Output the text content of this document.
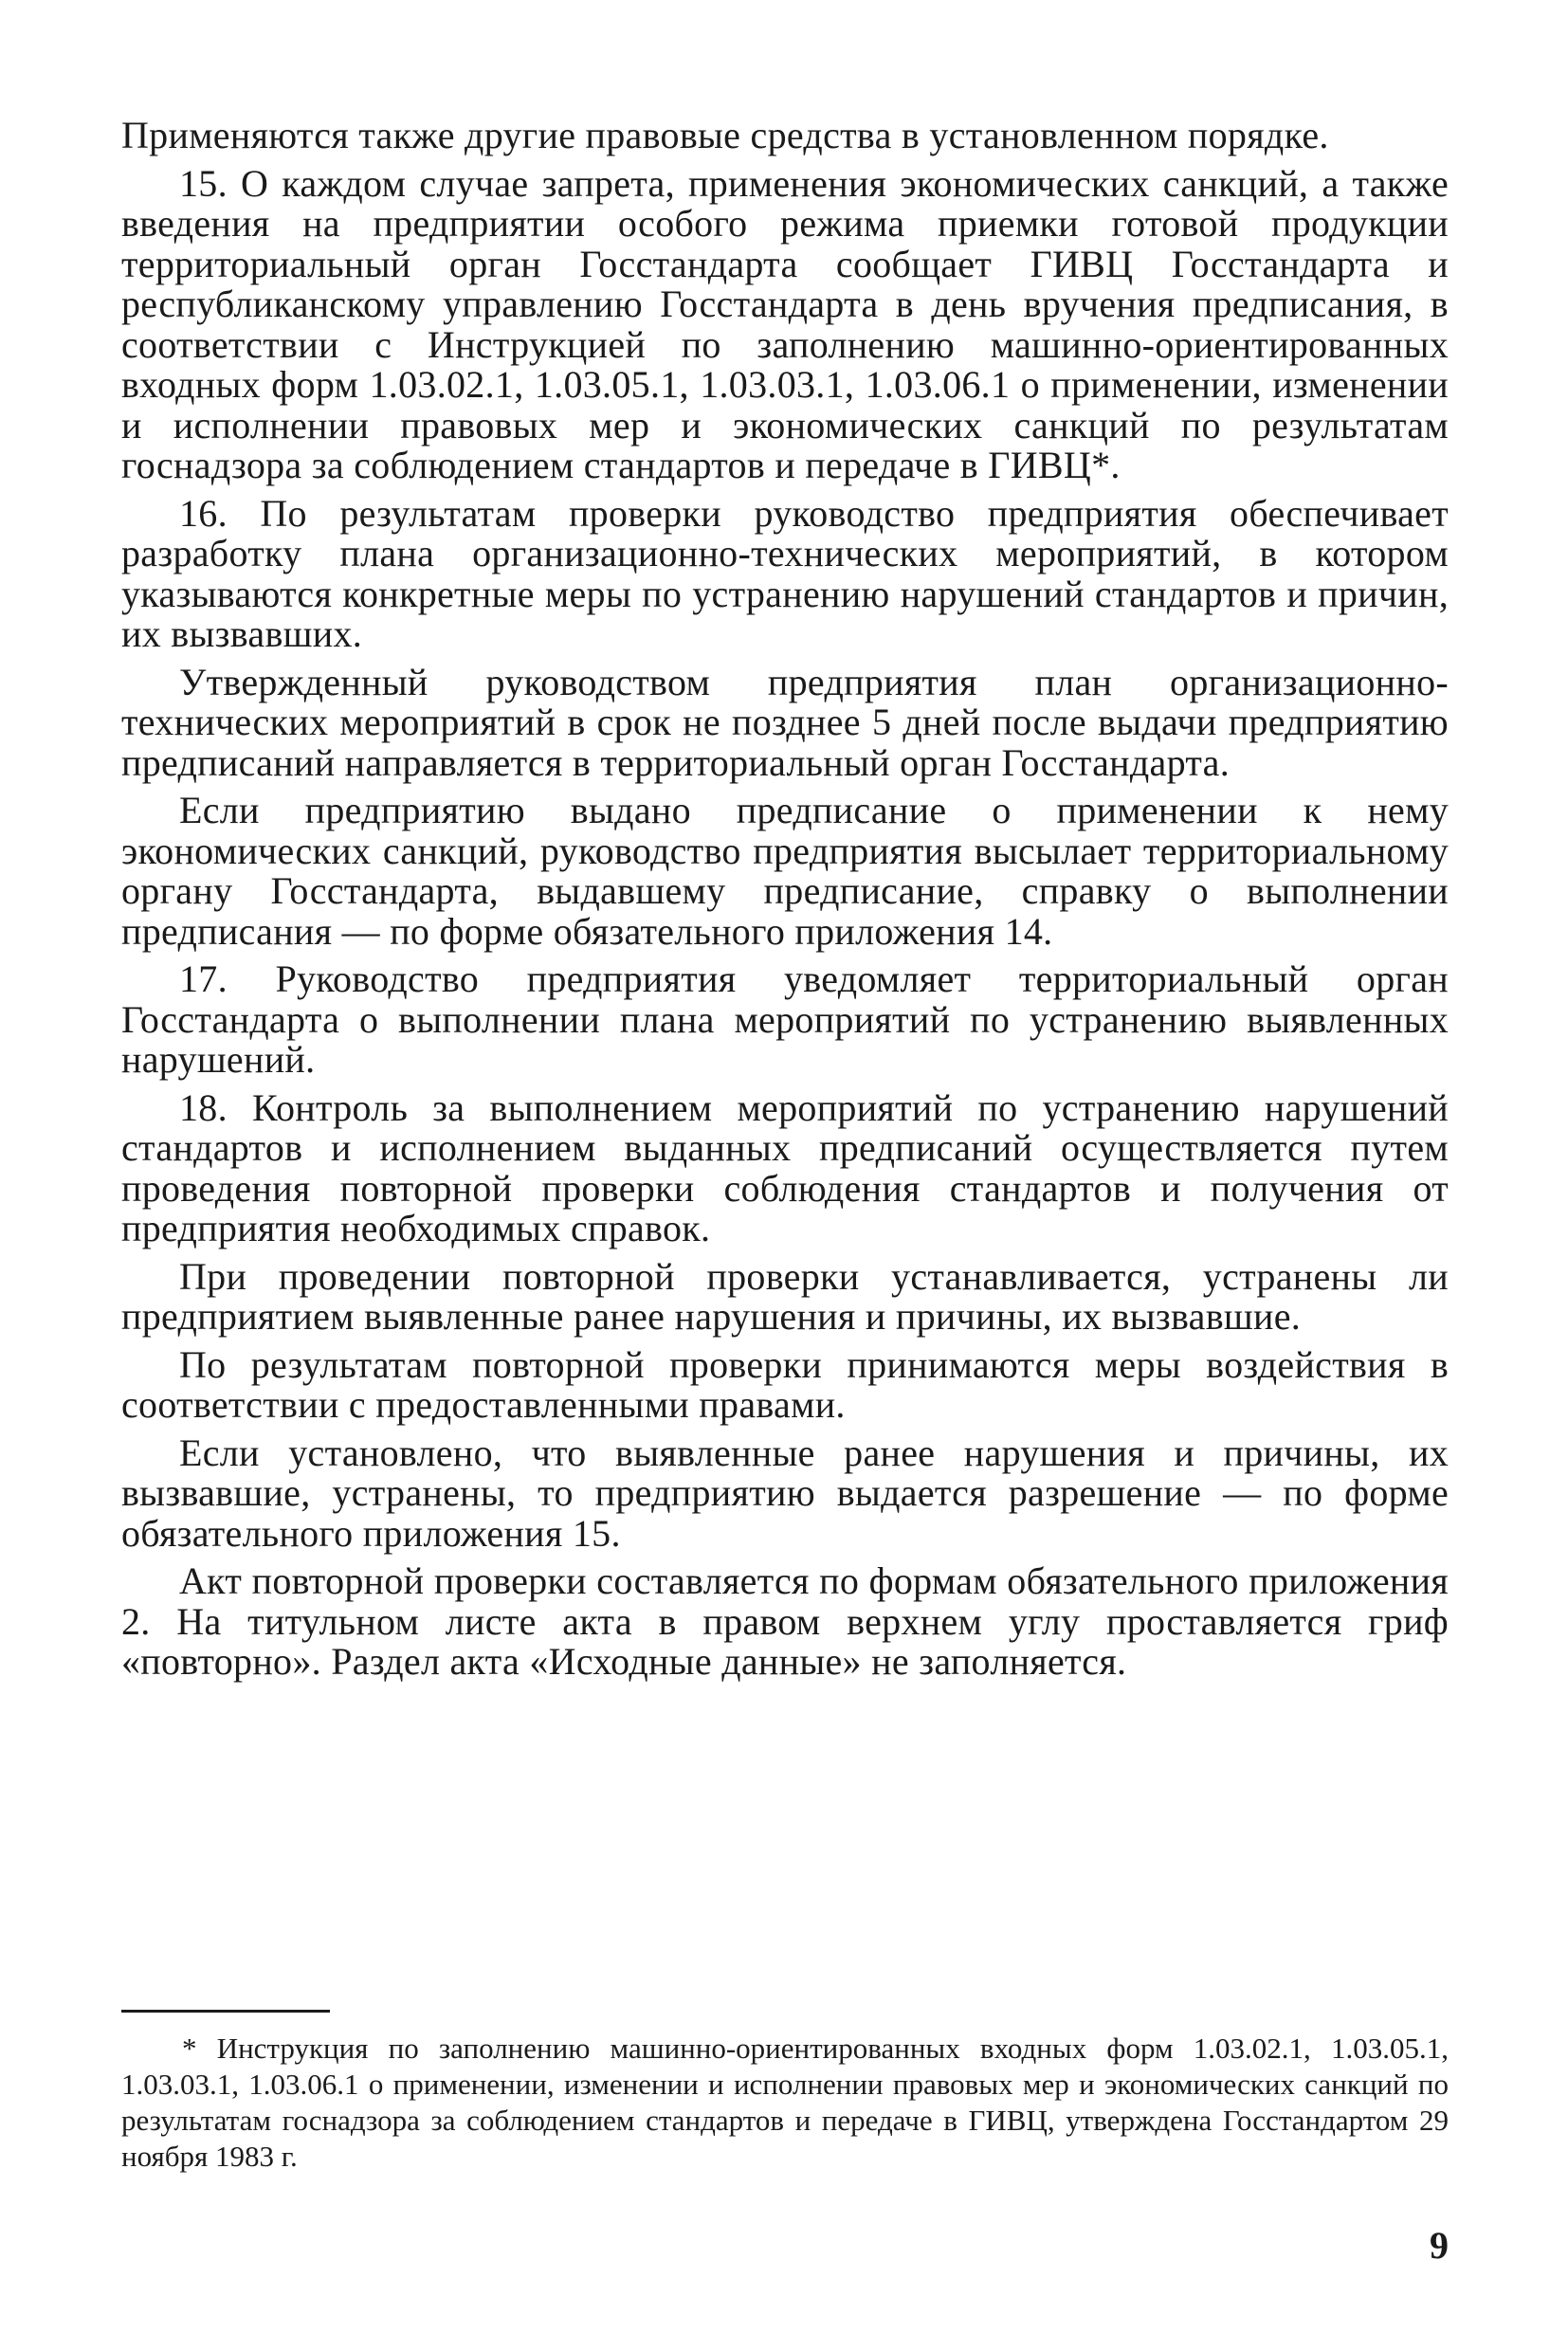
Применяются также другие правовые средства в установленном порядке.

15. О каждом случае запрета, применения экономических санкций, а также введения на предприятии особого режима приемки готовой продукции территориальный орган Госстандарта сообщает ГИВЦ Госстандарта и республиканскому управлению Госстандарта в день вручения предписания, в соответствии с Инструкцией по заполнению машинно-ориентированных входных форм 1.03.02.1, 1.03.05.1, 1.03.03.1, 1.03.06.1 о применении, изменении и исполнении правовых мер и экономических санкций по результатам госнадзора за соблюдением стандартов и передаче в ГИВЦ*.

16. По результатам проверки руководство предприятия обеспечивает разработку плана организационно-технических мероприятий, в котором указываются конкретные меры по устранению нарушений стандартов и причин, их вызвавших.

Утвержденный руководством предприятия план организационно-технических мероприятий в срок не позднее 5 дней после выдачи предприятию предписаний направляется в территориальный орган Госстандарта.

Если предприятию выдано предписание о применении к нему экономических санкций, руководство предприятия высылает территориальному органу Госстандарта, выдавшему предписание, справку о выполнении предписания — по форме обязательного приложения 14.

17. Руководство предприятия уведомляет территориальный орган Госстандарта о выполнении плана мероприятий по устранению выявленных нарушений.

18. Контроль за выполнением мероприятий по устранению нарушений стандартов и исполнением выданных предписаний осуществляется путем проведения повторной проверки соблюдения стандартов и получения от предприятия необходимых справок.

При проведении повторной проверки устанавливается, устранены ли предприятием выявленные ранее нарушения и причины, их вызвавшие.

По результатам повторной проверки принимаются меры воздействия в соответствии с предоставленными правами.

Если установлено, что выявленные ранее нарушения и причины, их вызвавшие, устранены, то предприятию выдается разрешение — по форме обязательного приложения 15.

Акт повторной проверки составляется по формам обязательного приложения 2. На титульном листе акта в правом верхнем углу проставляется гриф «повторно». Раздел акта «Исходные данные» не заполняется.

* Инструкция по заполнению машинно-ориентированных входных форм 1.03.02.1, 1.03.05.1, 1.03.03.1, 1.03.06.1 о применении, изменении и исполнении правовых мер и экономических санкций по результатам госнадзора за соблюдением стандартов и передаче в ГИВЦ, утверждена Госстандартом 29 ноября 1983 г.

9
